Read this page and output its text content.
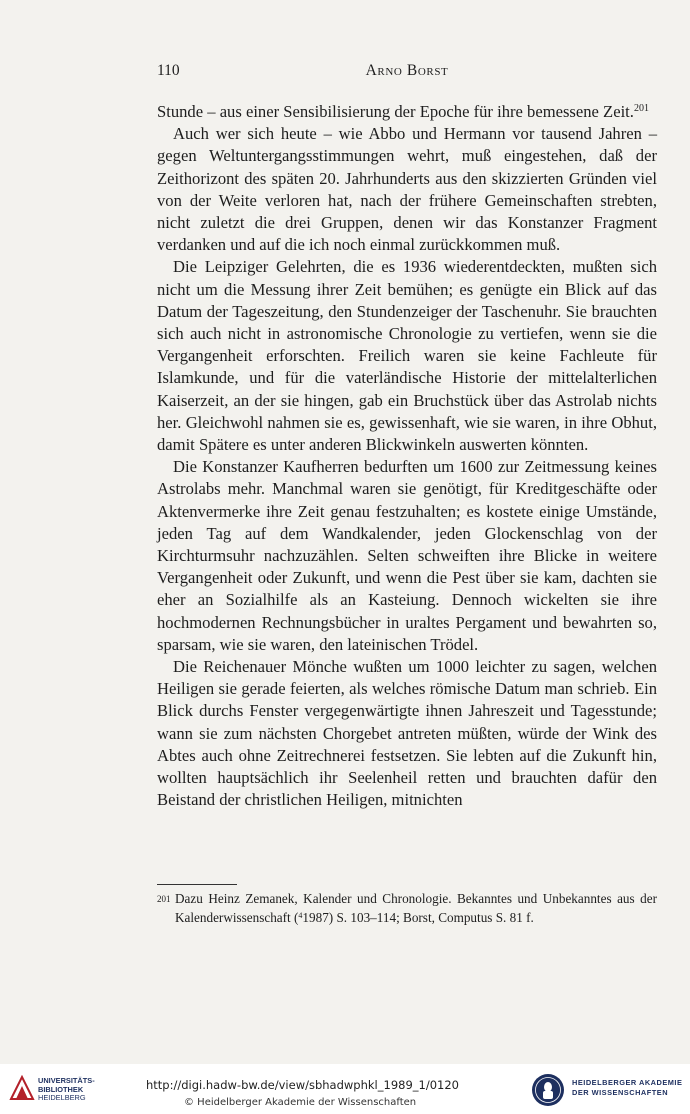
110	Arno Borst

Stunde – aus einer Sensibilisierung der Epoche für ihre bemessene Zeit.$^{201}$

Auch wer sich heute – wie Abbo und Hermann vor tausend Jahren – gegen Weltuntergangsstimmungen wehrt, muß eingestehen, daß der Zeithorizont des späten 20. Jahrhunderts aus den skizzierten Gründen viel von der Weite verloren hat, nach der frühere Gemeinschaften strebten, nicht zuletzt die drei Gruppen, denen wir das Konstanzer Fragment verdanken und auf die ich noch einmal zurückkommen muß.

Die Leipziger Gelehrten, die es 1936 wiederentdeckten, mußten sich nicht um die Messung ihrer Zeit bemühen; es genügte ein Blick auf das Datum der Tageszeitung, den Stundenzeiger der Taschenuhr. Sie brauchten sich auch nicht in astronomische Chronologie zu vertiefen, wenn sie die Vergangenheit erforschten. Freilich waren sie keine Fachleute für Islamkunde, und für die vaterländische Historie der mittelalterlichen Kaiserzeit, an der sie hingen, gab ein Bruchstück über das Astrolab nichts her. Gleichwohl nahmen sie es, gewissenhaft, wie sie waren, in ihre Obhut, damit Spätere es unter anderen Blickwinkeln auswerten könnten.

Die Konstanzer Kaufherren bedurften um 1600 zur Zeitmessung keines Astrolabs mehr. Manchmal waren sie genötigt, für Kreditgeschäfte oder Aktenvermerke ihre Zeit genau festzuhalten; es kostete einige Umstände, jeden Tag auf dem Wandkalender, jeden Glockenschlag von der Kirchturmsuhr nachzuzählen. Selten schweiften ihre Blicke in weitere Vergangenheit oder Zukunft, und wenn die Pest über sie kam, dachten sie eher an Sozialhilfe als an Kasteiung. Dennoch wickelten sie ihre hochmodernen Rechnungsbücher in uraltes Pergament und bewahrten so, sparsam, wie sie waren, den lateinischen Trödel.

Die Reichenauer Mönche wußten um 1000 leichter zu sagen, welchen Heiligen sie gerade feierten, als welches römische Datum man schrieb. Ein Blick durchs Fenster vergegenwärtigte ihnen Jahreszeit und Tagesstunde; wann sie zum nächsten Chorgebet antreten müßten, würde der Wink des Abtes auch ohne Zeitrechnerei festsetzen. Sie lebten auf die Zukunft hin, wollten hauptsächlich ihr Seelenheil retten und brauchten dafür den Beistand der christlichen Heiligen, mitnichten

201 Dazu Heinz Zemanek, Kalender und Chronologie. Bekanntes und Unbekanntes aus der Kalenderwissenschaft ($^4$1987) S. 103–114; Borst, Computus S. 81 f.
UNIVERSITÄTS-
BIBLIOTHEK
HEIDELBERG
http://digi.hadw-bw.de/view/sbhadwphkl_1989_1/0120
© Heidelberger Akademie der Wissenschaften
HEIDELBERGER AKADEMIE
DER WISSENSCHAFTEN
